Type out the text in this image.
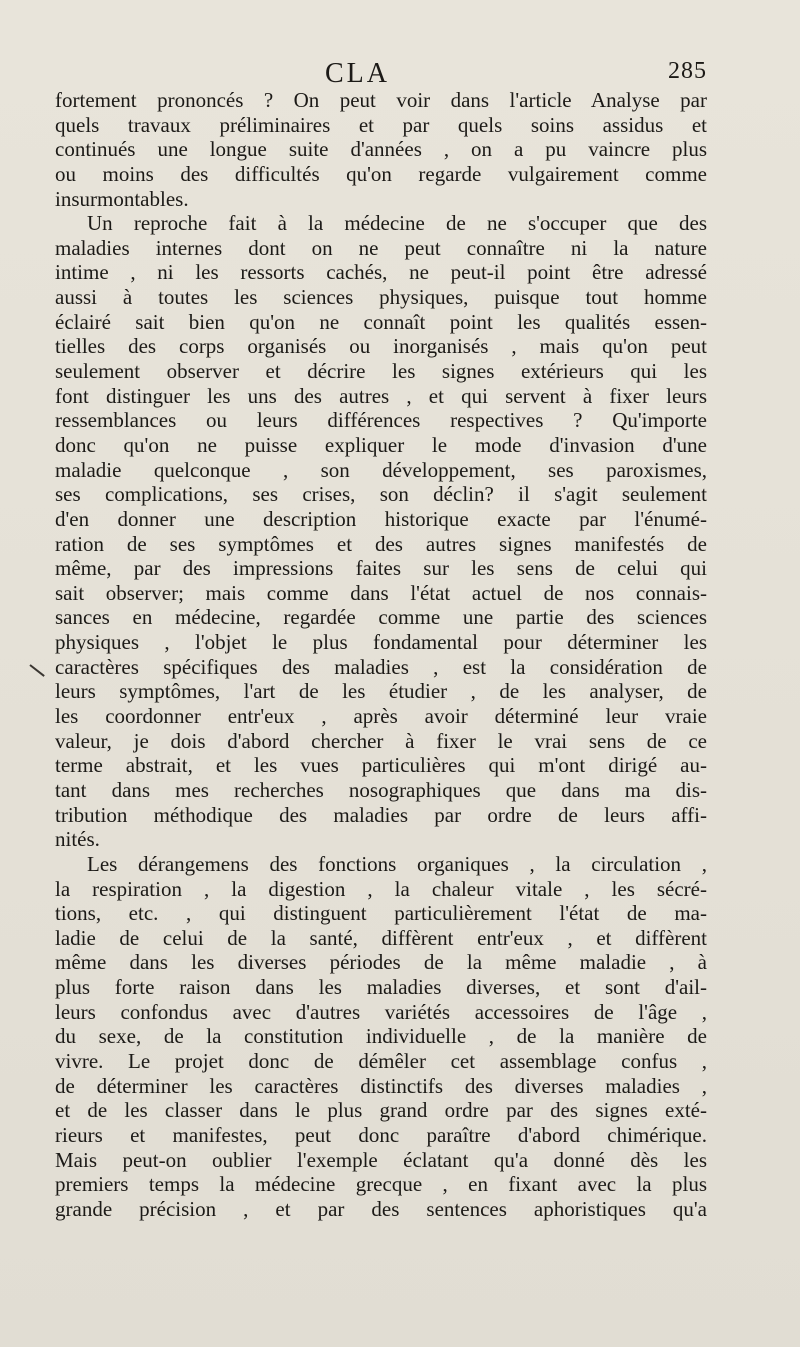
CLA	285
fortement prononcés ? On peut voir dans l'article Analyse par
quels travaux préliminaires et par quels soins assidus et
continués une longue suite d'années , on a pu vaincre plus
ou moins des difficultés qu'on regarde vulgairement comme
insurmontables.
Un reproche fait à la médecine de ne s'occuper que des
maladies internes dont on ne peut connaître ni la nature
intime , ni les ressorts cachés, ne peut-il point être adressé
aussi à toutes les sciences physiques, puisque tout homme
éclairé sait bien qu'on ne connaît point les qualités essen-
tielles des corps organisés ou inorganisés , mais qu'on peut
seulement observer et décrire les signes extérieurs qui les
font distinguer les uns des autres , et qui servent à fixer leurs
ressemblances ou leurs différences respectives ? Qu'importe
donc qu'on ne puisse expliquer le mode d'invasion d'une
maladie quelconque , son développement, ses paroxismes,
ses complications, ses crises, son déclin? il s'agit seulement
d'en donner une description historique exacte par l'énumé-
ration de ses symptômes et des autres signes manifestés de
même, par des impressions faites sur les sens de celui qui
sait observer; mais comme dans l'état actuel de nos connais-
sances en médecine, regardée comme une partie des sciences
physiques , l'objet le plus fondamental pour déterminer les
caractères spécifiques des maladies , est la considération de
leurs symptômes, l'art de les étudier , de les analyser, de
les coordonner entr'eux , après avoir déterminé leur vraie
valeur, je dois d'abord chercher à fixer le vrai sens de ce
terme abstrait, et les vues particulières qui m'ont dirigé au-
tant dans mes recherches nosographiques que dans ma dis-
tribution méthodique des maladies par ordre de leurs affi-
nités.
Les dérangemens des fonctions organiques , la circulation ,
la respiration , la digestion , la chaleur vitale , les sécré-
tions, etc. , qui distinguent particulièrement l'état de ma-
ladie de celui de la santé, diffèrent entr'eux , et diffèrent
même dans les diverses périodes de la même maladie , à
plus forte raison dans les maladies diverses, et sont d'ail-
leurs confondus avec d'autres variétés accessoires de l'âge ,
du sexe, de la constitution individuelle , de la manière de
vivre. Le projet donc de démêler cet assemblage confus ,
de déterminer les caractères distinctifs des diverses maladies ,
et de les classer dans le plus grand ordre par des signes exté-
rieurs et manifestes, peut donc paraître d'abord chimérique.
Mais peut-on oublier l'exemple éclatant qu'a donné dès les
premiers temps la médecine grecque , en fixant avec la plus
grande précision , et par des sentences aphoristiques qu'a
